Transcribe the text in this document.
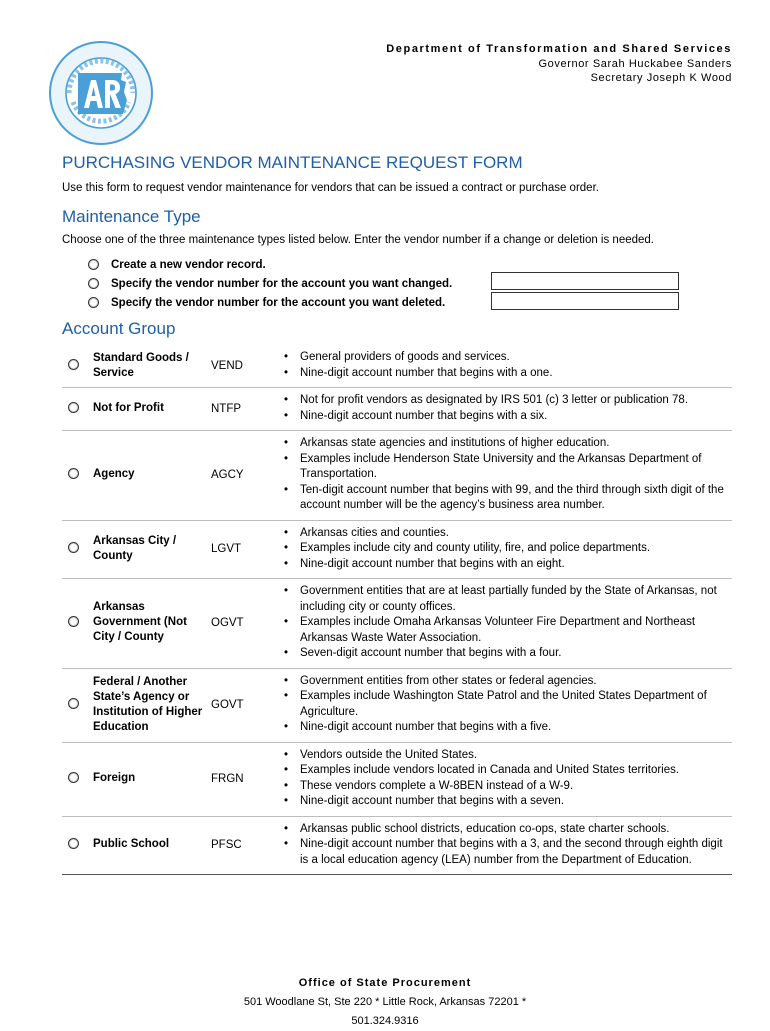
Department of Transformation and Shared Services
Governor Sarah Huckabee Sanders
Secretary Joseph K Wood
PURCHASING VENDOR MAINTENANCE REQUEST FORM
Use this form to request vendor maintenance for vendors that can be issued a contract or purchase order.
Maintenance Type
Choose one of the three maintenance types listed below. Enter the vendor number if a change or deletion is needed.
Create a new vendor record.
Specify the vendor number for the account you want changed.
Specify the vendor number for the account you want deleted.
Account Group
Standard Goods / Service
VEND
• General providers of goods and services.
• Nine-digit account number that begins with a one.
Not for Profit	NTFP
• Not for profit vendors as designated by IRS 501 (c) 3 letter or publication 78.
• Nine-digit account number that begins with a six.
Agency	AGCY
• Arkansas state agencies and institutions of higher education.
• Examples include Henderson State University and the Arkansas Department of Transportation.
• Ten-digit account number that begins with 99, and the third through sixth digit of the account number will be the agency’s business area number.
Arkansas City / County
LGVT
• Arkansas cities and counties.
• Examples include city and county utility, fire, and police departments.
• Nine-digit account number that begins with an eight.
Arkansas Government (Not City / County
OGVT
• Government entities that are at least partially funded by the State of Arkansas, not including city or county offices.
• Examples include Omaha Arkansas Volunteer Fire Department and Northeast Arkansas Waste Water Association.
• Seven-digit account number that begins with a four.
Federal / Another State’s Agency or Institution of Higher Education
GOVT
• Government entities from other states or federal agencies.
• Examples include Washington State Patrol and the United States Department of Agriculture.
• Nine-digit account number that begins with a five.
Foreign	FRGN
• Vendors outside the United States.
• Examples include vendors located in Canada and United States territories.
• These vendors complete a W-8BEN instead of a W-9.
• Nine-digit account number that begins with a seven.
Public School	PFSC
• Arkansas public school districts, education co-ops, state charter schools.
• Nine-digit account number that begins with a 3, and the second through eighth digit is a local education agency (LEA) number from the Department of Education.
Office of State Procurement
501 Woodlane St, Ste 220 * Little Rock, Arkansas 72201 *
501.324.9316
